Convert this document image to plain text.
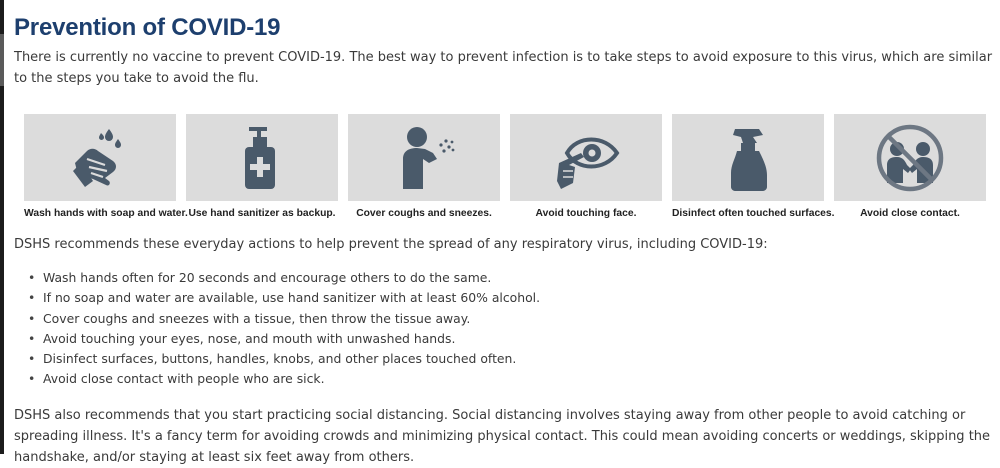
Prevention of COVID-19

There is currently no vaccine to prevent COVID-19. The best way to prevent infection is to take steps to avoid exposure to this virus, which are similar to the steps you take to avoid the flu.

Wash hands with soap and water. Use hand sanitizer as backup.	Cover coughs and sneezes.	Avoid touching face.	Disinfect often touched surfaces.	Avoid close contact.

DSHS recommends these everyday actions to help prevent the spread of any respiratory virus, including COVID-19:

• Wash hands often for 20 seconds and encourage others to do the same.
• If no soap and water are available, use hand sanitizer with at least 60% alcohol.
• Cover coughs and sneezes with a tissue, then throw the tissue away.
• Avoid touching your eyes, nose, and mouth with unwashed hands.
• Disinfect surfaces, buttons, handles, knobs, and other places touched often.
• Avoid close contact with people who are sick.

DSHS also recommends that you start practicing social distancing. Social distancing involves staying away from other people to avoid catching or spreading illness. It's a fancy term for avoiding crowds and minimizing physical contact. This could mean avoiding concerts or weddings, skipping the handshake, and/or staying at least six feet away from others.
